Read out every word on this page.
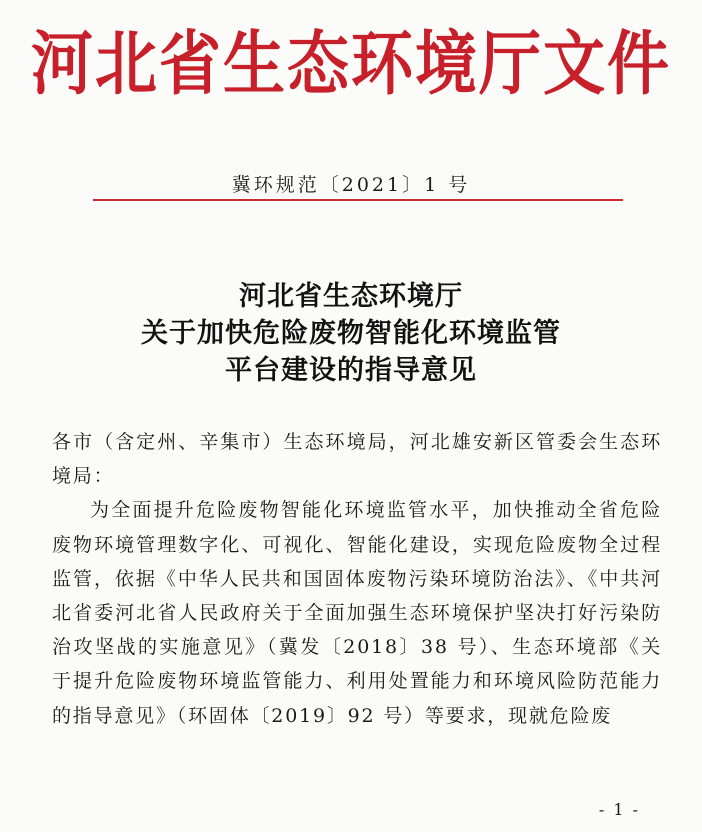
河北省生态环境厅文件
冀环规范〔2021〕1 号
河北省生态环境厅
关于加快危险废物智能化环境监管
平台建设的指导意见

各市（含定州、辛集市）生态环境局，河北雄安新区管委会生态环境局：

为全面提升危险废物智能化环境监管水平，加快推动全省危险废物环境管理数字化、可视化、智能化建设，实现危险废物全过程监管，依据《中华人民共和国固体废物污染环境防治法》、《中共河北省委河北省人民政府关于全面加强生态环境保护坚决打好污染防治攻坚战的实施意见》（冀发〔2018〕38 号）、生态环境部《关于提升危险废物环境监管能力、利用处置能力和环境风险防范能力的指导意见》（环固体〔2019〕92 号）等要求，现就危险废

- 1 -
